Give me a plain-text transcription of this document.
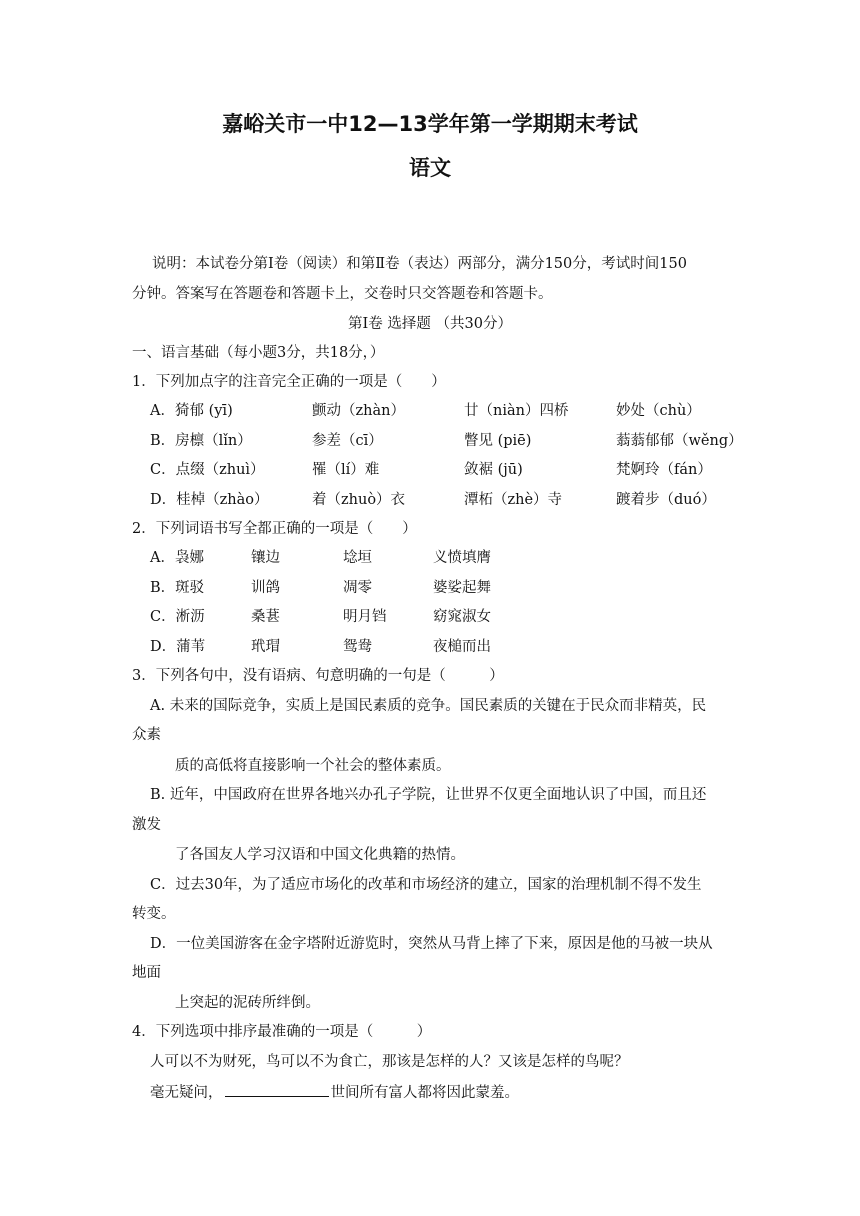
嘉峪关市一中12—13学年第一学期期末考试
语文
说明：本试卷分第Ⅰ卷（阅读）和第Ⅱ卷（表达）两部分，满分150分，考试时间150
分钟。答案写在答题卷和答题卡上，交卷时只交答题卷和答题卡。
第Ⅰ卷 选择题 （共30分）
一、语言基础（每小题3分，共18分，）
1．下列加点字的注音完全正确的一项是（　　）
A．猗郁 (yī)	颤动（zhàn）	廿（niàn）四桥	妙处（chù）
B．房檩（lǐn）	参差（cī）	瞥见 (piē)	蓊蓊郁郁（wěng）
C．点缀（zhuì）	罹（lí）难	敛裾 (jū)	梵婀玲（fán）
D．桂棹（zhào）	着（zhuò）衣	潭柘（zhè）寺	踱着步（duó）
2．下列词语书写全都正确的一项是（　　）
A．袅娜	镶边	埝垣	义愤填膺
B．斑驳	训鸽	凋零	婆娑起舞
C．淅沥	桑葚	明月铛	窈窕淑女
D．蒲苇	玳瑁	鸳鸯	夜槌而出
3．下列各句中，没有语病、句意明确的一句是（　　　）
A. 未来的国际竞争，实质上是国民素质的竞争。国民素质的关键在于民众而非精英，民
众素
质的高低将直接影响一个社会的整体素质。
B. 近年，中国政府在世界各地兴办孔子学院，让世界不仅更全面地认识了中国，而且还
激发
了各国友人学习汉语和中国文化典籍的热情。
C．过去30年，为了适应市场化的改革和市场经济的建立，国家的治理机制不得不发生
转变。
D．一位美国游客在金字塔附近游览时，突然从马背上摔了下来，原因是他的马被一块从
地面
上突起的泥砖所绊倒。
4．下列选项中排序最准确的一项是（　　　）
人可以不为财死，鸟可以不为食亡，那该是怎样的人？又该是怎样的鸟呢？
毫无疑问，	世间所有富人都将因此蒙羞。
